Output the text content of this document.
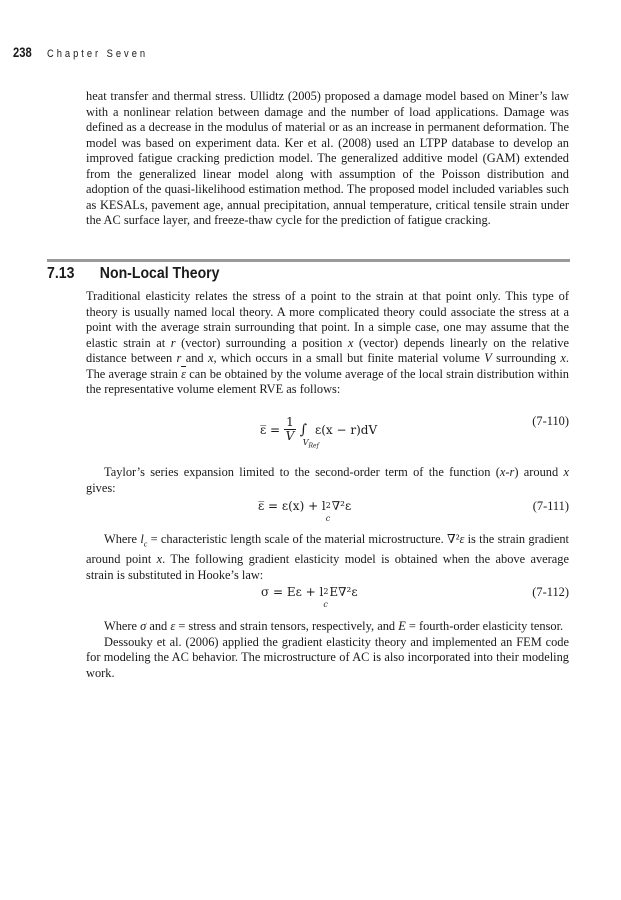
238 Chapter Seven

heat transfer and thermal stress. Ullidtz (2005) proposed a damage model based on Miner’s law with a nonlinear relation between damage and the number of load applications. Damage was defined as a decrease in the modulus of material or as an increase in permanent deformation. The model was based on experiment data. Ker et al. (2008) used an LTPP database to develop an improved fatigue cracking prediction model. The generalized additive model (GAM) extended from the generalized linear model along with assumption of the Poisson distribution and adoption of the quasi-likelihood estimation method. The proposed model included variables such as KESALs, pavement age, annual precipitation, annual temperature, critical tensile strain under the AC surface layer, and freeze-thaw cycle for the prediction of fatigue cracking.

7.13	Non-Local Theory

Traditional elasticity relates the stress of a point to the strain at that point only. This type of theory is usually named local theory. A more complicated theory could associate the stress at a point with the average strain surrounding that point. In a simple case, one may assume that the elastic strain at r (vector) surrounding a position x (vector) depends linearly on the relative distance between r and x, which occurs in a small but finite material volume V surrounding x. The average strain $\overline{\varepsilon}$ can be obtained by the volume average of the local strain distribution within the representative volume element RVE as follows:

ε̅ = $\frac{1}{V}$ ∫
$V_{Ref}$
ε(x − r)dV
(7-110)

Taylor’s series expansion limited to the second-order term of the function (x-r) around x gives:

ε̅ = ε(x) + l 2
c
∇²ε	(7-111)

Where $l_c$ = characteristic length scale of the material microstructure. ∇²ε is the strain gradient around point x. The following gradient elasticity model is obtained when the above average strain is substituted in Hooke’s law:

σ = Eε + l 2
c
E∇²ε	(7-112)

Where σ and ε = stress and strain tensors, respectively, and E = fourth-order elasticity tensor.

Dessouky et al. (2006) applied the gradient elasticity theory and implemented an FEM code for modeling the AC behavior. The microstructure of AC is also incorporated into their modeling work.
